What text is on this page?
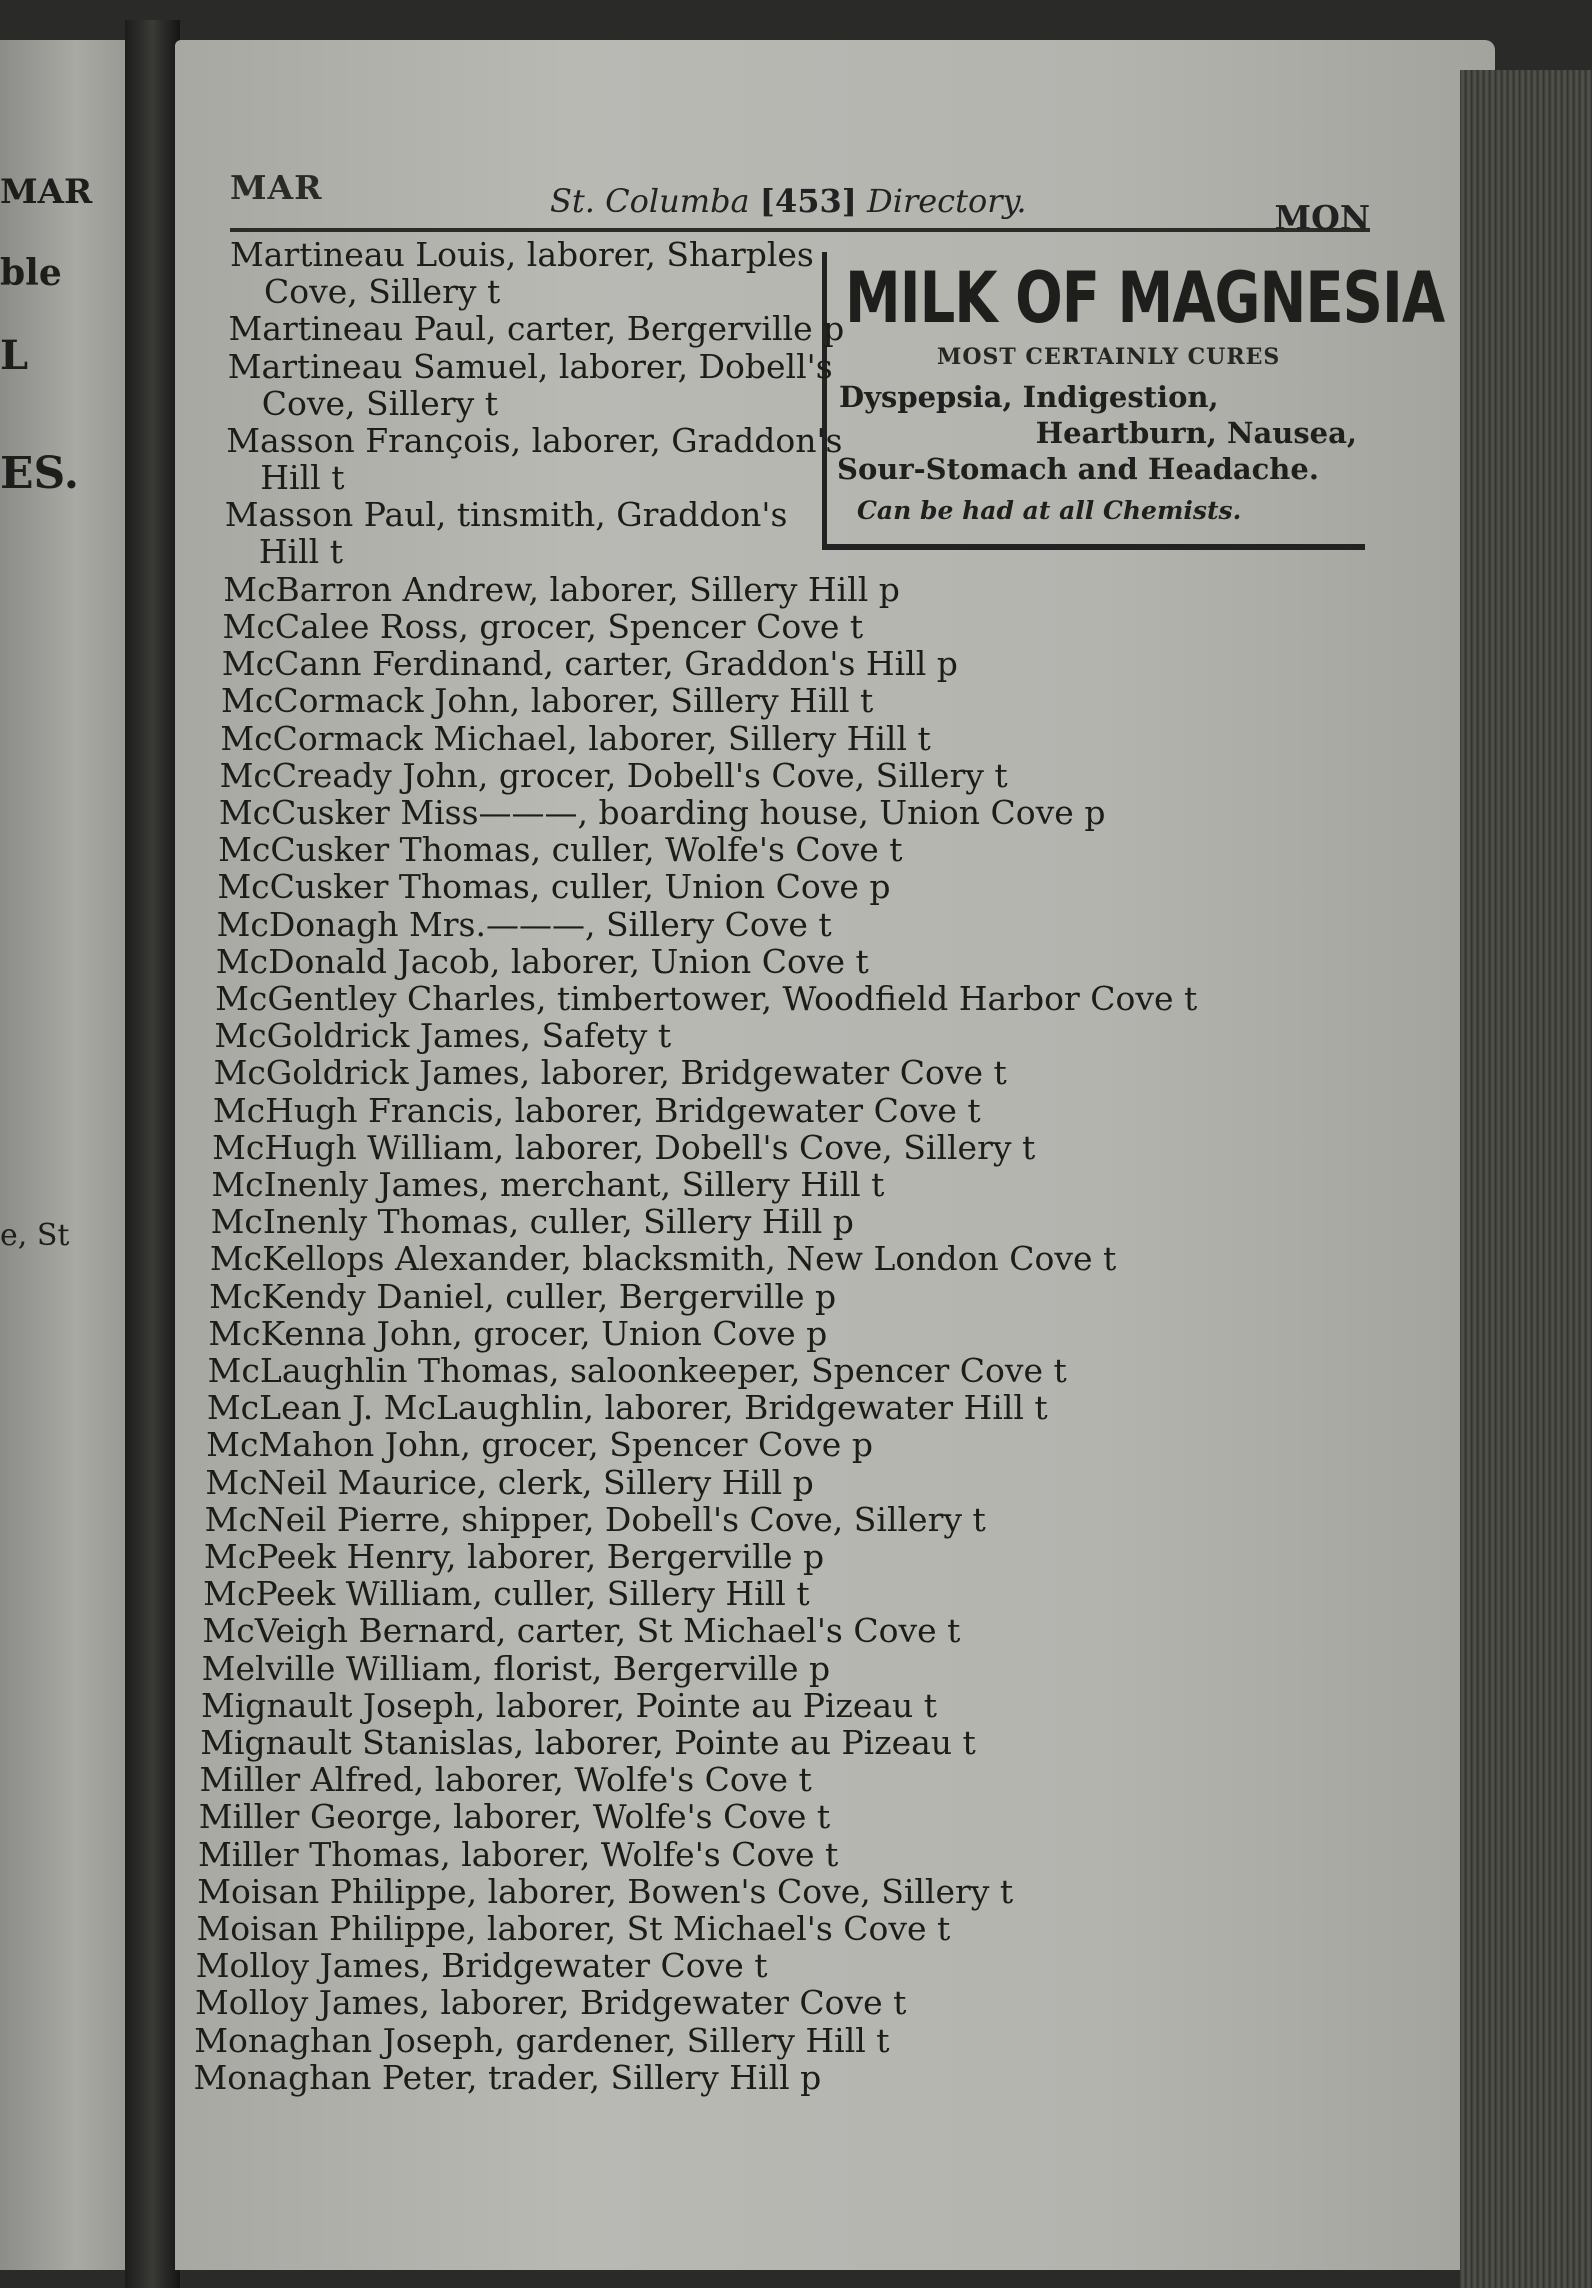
MAR
ble
L
ES.
e, St
MAR	St. Columba [453] Directory.	MON
MILK OF MAGNESIA
MOST CERTAINLY CURES
Dyspepsia, Indigestion,
Heartburn, Nausea,
Sour-Stomach and Headache.
Can be had at all Chemists.
Martineau Louis, laborer, Sharples
Cove, Sillery t
Martineau Paul, carter, Bergerville p
Martineau Samuel, laborer, Dobell's
Cove, Sillery t
Masson François, laborer, Graddon's
Hill t
Masson Paul, tinsmith, Graddon's
Hill t
McBarron Andrew, laborer, Sillery Hill p
McCalee Ross, grocer, Spencer Cove t
McCann Ferdinand, carter, Graddon's Hill p
McCormack John, laborer, Sillery Hill t
McCormack Michael, laborer, Sillery Hill t
McCready John, grocer, Dobell's Cove, Sillery t
McCusker Miss———, boarding house, Union Cove p
McCusker Thomas, culler, Wolfe's Cove t
McCusker Thomas, culler, Union Cove p
McDonagh Mrs.———, Sillery Cove t
McDonald Jacob, laborer, Union Cove t
McGentley Charles, timbertower, Woodfield Harbor Cove t
McGoldrick James, Safety t
McGoldrick James, laborer, Bridgewater Cove t
McHugh Francis, laborer, Bridgewater Cove t
McHugh William, laborer, Dobell's Cove, Sillery t
McInenly James, merchant, Sillery Hill t
McInenly Thomas, culler, Sillery Hill p
McKellops Alexander, blacksmith, New London Cove t
McKendy Daniel, culler, Bergerville p
McKenna John, grocer, Union Cove p
McLaughlin Thomas, saloonkeeper, Spencer Cove t
McLean J. McLaughlin, laborer, Bridgewater Hill t
McMahon John, grocer, Spencer Cove p
McNeil Maurice, clerk, Sillery Hill p
McNeil Pierre, shipper, Dobell's Cove, Sillery t
McPeek Henry, laborer, Bergerville p
McPeek William, culler, Sillery Hill t
McVeigh Bernard, carter, St Michael's Cove t
Melville William, florist, Bergerville p
Mignault Joseph, laborer, Pointe au Pizeau t
Mignault Stanislas, laborer, Pointe au Pizeau t
Miller Alfred, laborer, Wolfe's Cove t
Miller George, laborer, Wolfe's Cove t
Miller Thomas, laborer, Wolfe's Cove t
Moisan Philippe, laborer, Bowen's Cove, Sillery t
Moisan Philippe, laborer, St Michael's Cove t
Molloy James, Bridgewater Cove t
Molloy James, laborer, Bridgewater Cove t
Monaghan Joseph, gardener, Sillery Hill t
Monaghan Peter, trader, Sillery Hill p
